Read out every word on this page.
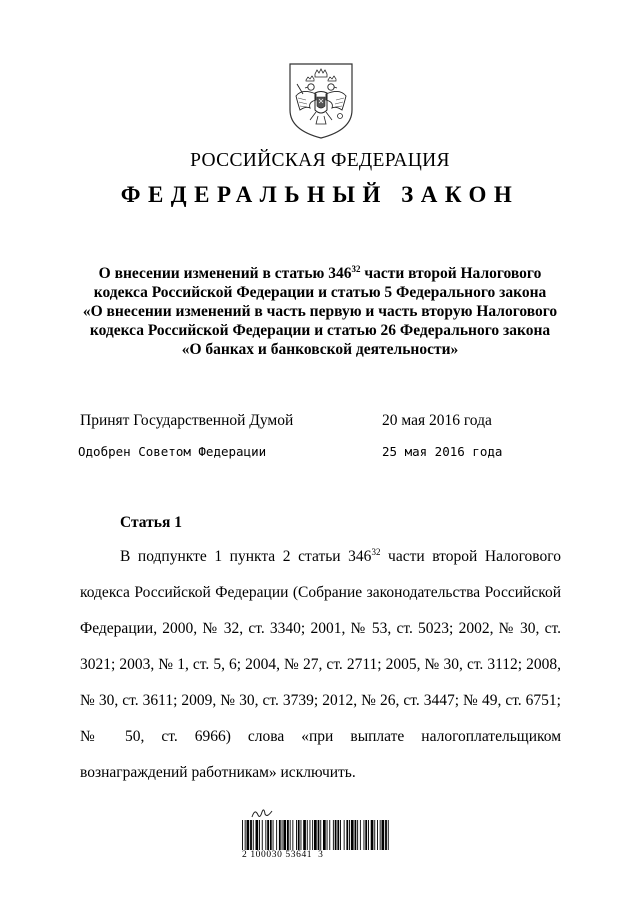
РОССИЙСКАЯ ФЕДЕРАЦИЯ
ФЕДЕРАЛЬНЫЙ ЗАКОН

О внесении изменений в статью $346^{32}$ части второй Налогового

кодекса Российской Федерации и статью 5 Федерального закона

«О внесении изменений в часть первую и часть вторую Налогового

кодекса Российской Федерации и статью 26 Федерального закона

«О банках и банковской деятельности»

Принят Государственной Думой	20 мая 2016 года
Одобрен Советом Федерации	25 мая 2016 года
Статья 1

В подпункте 1 пункта 2 статьи $346^{32}$ части второй Налогового кодекса Российской Федерации (Собрание законодательства Российской Федерации, 2000, № 32, ст. 3340; 2001, № 53, ст. 5023; 2002, № 30, ст. 3021; 2003, № 1, ст. 5, 6; 2004, № 27, ст. 2711; 2005, № 30, ст. 3112; 2008, № 30, ст. 3611; 2009, № 30, ст. 3739; 2012, № 26, ст. 3447; № 49, ст. 6751; № 50, ст. 6966) слова «при выплате налогоплательщиком вознаграждений работникам» исключить.

2 100030 53641  3
